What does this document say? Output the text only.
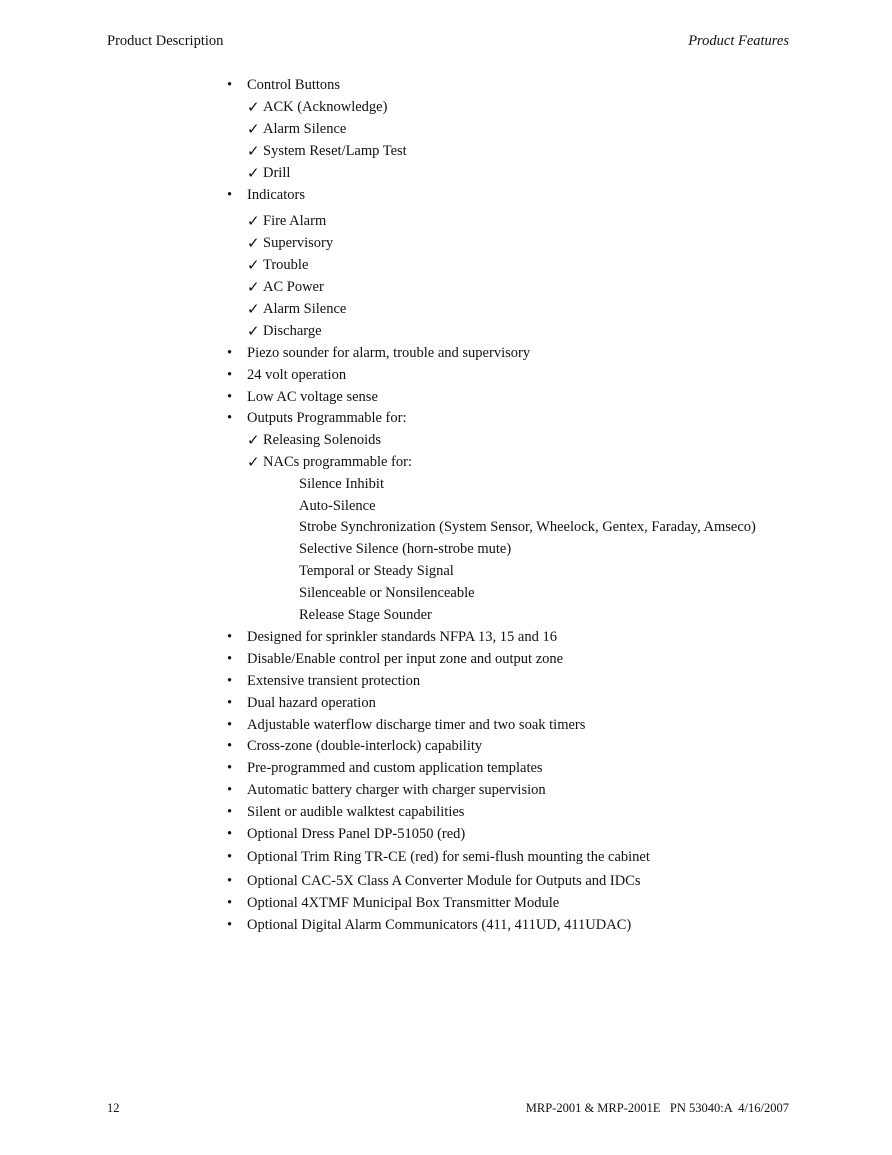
Product Description	Product Features
• Control Buttons
✓ ACK (Acknowledge)
✓ Alarm Silence
✓ System Reset/Lamp Test
✓ Drill
• Indicators
✓ Fire Alarm
✓ Supervisory
✓ Trouble
✓ AC Power
✓ Alarm Silence
✓ Discharge
• Piezo sounder for alarm, trouble and supervisory
• 24 volt operation
• Low AC voltage sense
• Outputs Programmable for:
✓ Releasing Solenoids
✓ NACs programmable for:
Silence Inhibit
Auto-Silence
Strobe Synchronization (System Sensor, Wheelock, Gentex, Faraday, Amseco)
Selective Silence (horn-strobe mute)
Temporal or Steady Signal
Silenceable or Nonsilenceable
Release Stage Sounder
• Designed for sprinkler standards NFPA 13, 15 and 16
• Disable/Enable control per input zone and output zone
• Extensive transient protection
• Dual hazard operation
• Adjustable waterflow discharge timer and two soak timers
• Cross-zone (double-interlock) capability
• Pre-programmed and custom application templates
• Automatic battery charger with charger supervision
• Silent or audible walktest capabilities
• Optional Dress Panel DP-51050 (red)
• Optional Trim Ring TR-CE (red) for semi-flush mounting the cabinet
• Optional CAC-5X Class A Converter Module for Outputs and IDCs
• Optional 4XTMF Municipal Box Transmitter Module
• Optional Digital Alarm Communicators (411, 411UD, 411UDAC)
12	MRP-2001 & MRP-2001E   PN 53040:A  4/16/2007
